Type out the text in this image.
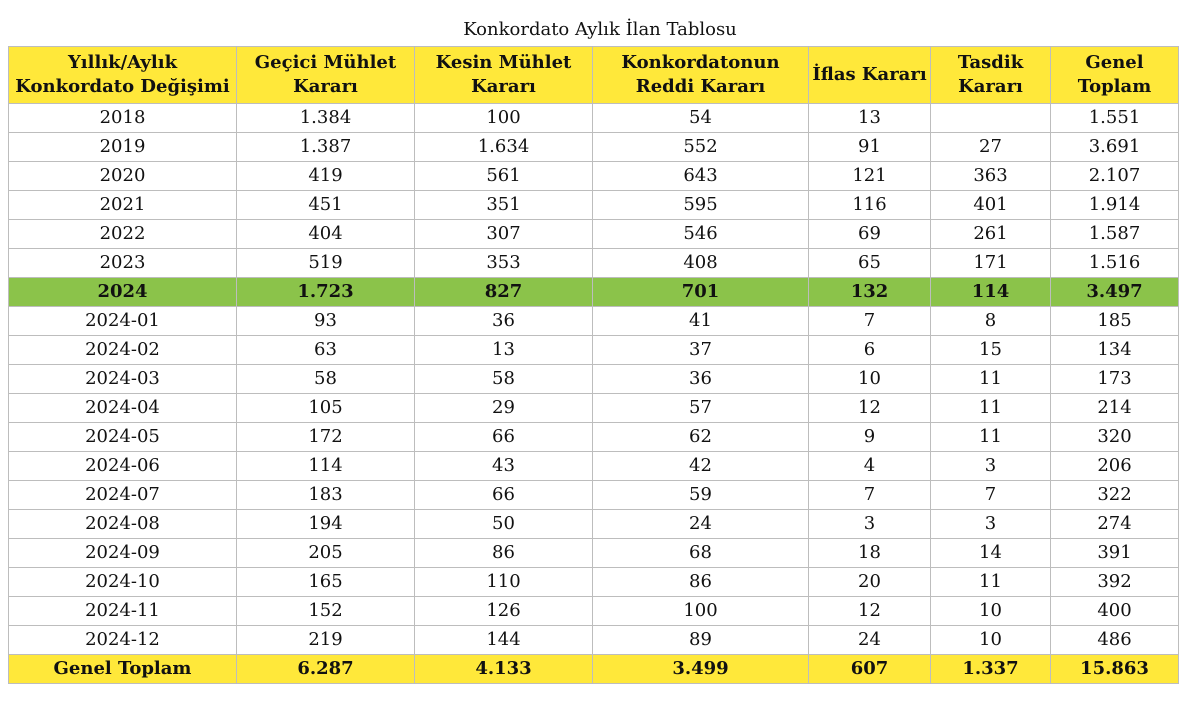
Konkordato Aylık İlan Tablosu
Yıllık/Aylık Konkordato Değişimi	Geçici Mühlet Kararı	Kesin Mühlet Kararı	Konkordatonun Reddi Kararı	İflas Kararı	Tasdik Kararı	Genel Toplam
2018	1.384	100	54	13		1.551
2019	1.387	1.634	552	91	27	3.691
2020	419	561	643	121	363	2.107
2021	451	351	595	116	401	1.914
2022	404	307	546	69	261	1.587
2023	519	353	408	65	171	1.516
2024	1.723	827	701	132	114	3.497
2024-01	93	36	41	7	8	185
2024-02	63	13	37	6	15	134
2024-03	58	58	36	10	11	173
2024-04	105	29	57	12	11	214
2024-05	172	66	62	9	11	320
2024-06	114	43	42	4	3	206
2024-07	183	66	59	7	7	322
2024-08	194	50	24	3	3	274
2024-09	205	86	68	18	14	391
2024-10	165	110	86	20	11	392
2024-11	152	126	100	12	10	400
2024-12	219	144	89	24	10	486
Genel Toplam	6.287	4.133	3.499	607	1.337	15.863
